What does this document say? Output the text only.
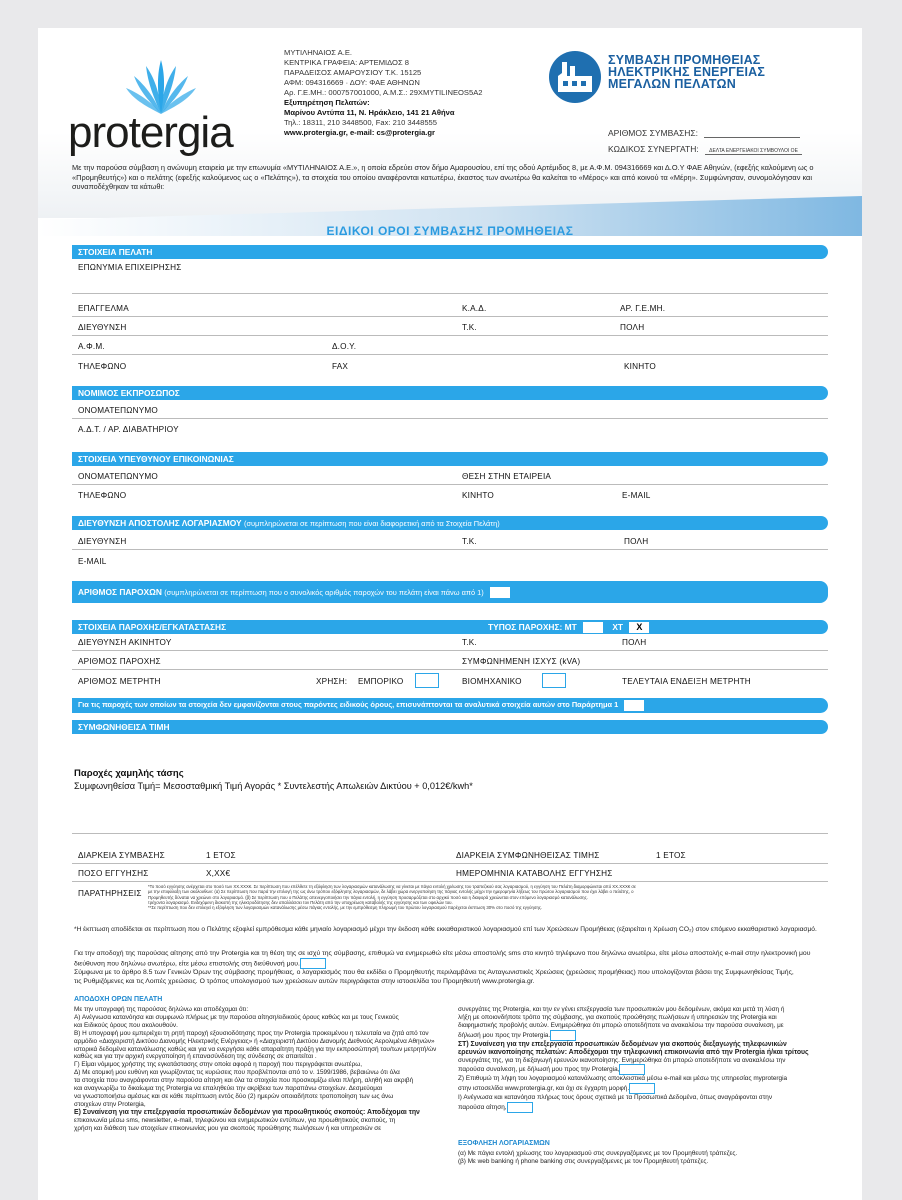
protergia
ΜΥΤΙΛΗΝΑΙΟΣ Α.Ε.
ΚΕΝΤΡΙΚΑ ΓΡΑΦΕΙΑ: ΑΡΤΕΜΙΔΟΣ 8
ΠΑΡΑΔΕΙΣΟΣ ΑΜΑΡΟΥΣΙΟΥ Τ.Κ. 15125
ΑΦΜ: 094316669 · ΔΟΥ: ΦΑΕ ΑΘΗΝΩΝ
Αρ. Γ.Ε.ΜΗ.: 000757001000, Α.Μ.Σ.: 29ΧΜΥΤΙLΙΝΕΟS5Α2
Εξυπηρέτηση Πελατών:
Μαρίνου Αντύπα 11, Ν. Ηράκλειο, 141 21 Αθήνα
Τηλ.: 18311, 210 3448500, Fax: 210 3448555
www.protergia.gr, e-mail: cs@protergia.gr
ΣΥΜΒΑΣΗ ΠΡΟΜΗΘΕΙΑΣ
ΗΛΕΚΤΡΙΚΗΣ ΕΝΕΡΓΕΙΑΣ
ΜΕΓΑΛΩΝ ΠΕΛΑΤΩΝ
ΑΡΙΘΜΟΣ ΣΥΜΒΑΣΗΣ:
ΚΩΔΙΚΟΣ ΣΥΝΕΡΓΑΤΗ: ΔΕΛΤΑ ΕΝΕΡΓΕΙΑΚΟΙ ΣΥΜΒΟΥΛΟΙ ΟΕ
Με την παρούσα σύμβαση η ανώνυμη εταιρεία με την επωνυμία «ΜΥΤΙΛΗΝΑΙΟΣ Α.Ε.», η οποία εδρεύει στον δήμο Αμαρουσίου, επί της οδού Αρτέμιδος 8, με Α.Φ.Μ. 094316669 και Δ.Ο.Υ ΦΑΕ Αθηνών, (εφεξής καλούμενη ως ο «Προμηθευτής») και ο πελάτης (εφεξής καλούμενος ως ο «Πελάτης»), τα στοιχεία του οποίου αναφέρονται κατωτέρω, έκαστος των ανωτέρω θα καλείται το «Μέρος» και από κοινού τα «Μέρη». Συμφώνησαν, συνομολόγησαν και συναποδέχθηκαν τα κάτωθι:
ΕΙΔΙΚΟΙ ΟΡΟΙ ΣΥΜΒΑΣΗΣ ΠΡΟΜΗΘΕΙΑΣ
ΣΤΟΙΧΕΙΑ ΠΕΛΑΤΗ
ΕΠΩΝΥΜΙΑ ΕΠΙΧΕΙΡΗΣΗΣ
ΕΠΑΓΓΕΛΜΑ	Κ.Α.Δ.	ΑΡ. Γ.Ε.ΜΗ.
ΔΙΕΥΘΥΝΣΗ	Τ.Κ.	ΠΟΛΗ
Α.Φ.Μ.	Δ.Ο.Υ.
ΤΗΛΕΦΩΝΟ	FAX	ΚΙΝΗΤΟ
ΝΟΜΙΜΟΣ ΕΚΠΡΟΣΩΠΟΣ
ΟΝΟΜΑΤΕΠΩΝΥΜΟ
Α.Δ.Τ. / ΑΡ. ΔΙΑΒΑΤΗΡΙΟΥ
ΣΤΟΙΧΕΙΑ ΥΠΕΥΘΥΝΟΥ ΕΠΙΚΟΙΝΩΝΙΑΣ
ΟΝΟΜΑΤΕΠΩΝΥΜΟ	ΘΕΣΗ ΣΤΗΝ ΕΤΑΙΡΕΙΑ
ΤΗΛΕΦΩΝΟ	ΚΙΝΗΤΟ	E-MAIL
ΔΙΕΥΘΥΝΣΗ ΑΠΟΣΤΟΛΗΣ ΛΟΓΑΡΙΑΣΜΟΥ (συμπληρώνεται σε περίπτωση που είναι διαφορετική από τα Στοιχεία Πελάτη)
ΔΙΕΥΘΥΝΣΗ	Τ.Κ.	ΠΟΛΗ
E-MAIL
ΑΡΙΘΜΟΣ ΠΑΡΟΧΩΝ (συμπληρώνεται σε περίπτωση που ο συνολικός αριθμός παροχών του πελάτη είναι πάνω από 1)
ΣΤΟΙΧΕΙΑ ΠΑΡΟΧΗΣ/ΕΓΚΑΤΑΣΤΑΣΗΣ	ΤΥΠΟΣ ΠΑΡΟΧΗΣ: ΜΤ	ΧΤ X
ΔΙΕΥΘΥΝΣΗ ΑΚΙΝΗΤΟΥ	Τ.Κ.	ΠΟΛΗ
ΑΡΙΘΜΟΣ ΠΑΡΟΧΗΣ	ΣΥΜΦΩΝΗΜΕΝΗ ΙΣΧΥΣ (kVA)
ΑΡΙΘΜΟΣ ΜΕΤΡΗΤΗ	ΧΡΗΣΗ: ΕΜΠΟΡΙΚΟ	ΒΙΟΜΗΧΑΝΙΚΟ	ΤΕΛΕΥΤΑΙΑ ΕΝΔΕΙΞΗ ΜΕΤΡΗΤΗ
Για τις παροχές των οποίων τα στοιχεία δεν εμφανίζονται στους παρόντες ειδικούς όρους, επισυνάπτονται τα αναλυτικά στοιχεία αυτών στο Παράρτημα 1
ΣΥΜΦΩΝΗΘΕΙΣΑ ΤΙΜΗ
Παροχές χαμηλής τάσης
Συμφωνηθείσα Τιμή= Μεσοσταθμική Τιμή Αγοράς * Συντελεστής Απωλειών Δικτύου + 0,012€/kwh*
ΔΙΑΡΚΕΙΑ ΣΥΜΒΑΣΗΣ	1 ΕΤΟΣ	ΔΙΑΡΚΕΙΑ ΣΥΜΦΩΝΗΘΕΙΣΑΣ ΤΙΜΗΣ	1 ΕΤΟΣ
ΠΟΣΟ ΕΓΓΥΗΣΗΣ	X,XX€	ΗΜΕΡΟΜΗΝΙΑ ΚΑΤΑΒΟΛΗΣ ΕΓΓΥΗΣΗΣ
ΠΑΡΑΤΗΡΗΣΕΙΣ
*Το ποσό εγγύησης ανέρχεται στο ποσό των XX.XXX€. Σε περίπτωση που επέλθετε τη εξόφληση των λογαριασμών κατανάλωσης να γίνεται με πάγια εντολή χρέωσης του τραπεζικού σας λογαριασμού, η εγγύηση του Πελάτη διαμορφώνεται από XX.XXX€ σε
με την επιφύλαξη των ακόλουθων: (α) Σε περίπτωση που παρά την επιλογή της ως άνω τρόπου εξόφλησης λογαριασμών, δε λάβει χώρα ενεργοποίηση της πάγιας εντολής μέχρι την ημερομηνία λήξεως του πρώτου λογαριασμού που έχει λάβει ο πελάτης, ο
Προμηθευτής δύναται να χρεώνει στο λογαριασμό. (β) Σε περίπτωση που ο Πελάτης απενεργοποιήσει την πάγια εντολή, η εγγύηση προσαρμόζεται στο αρχικό ποσό και η διαφορά χρεώνεται στον επόμενο λογαριασμό κατανάλωσης.
τρέχοντα λογαριασμό. Ενδεχόμενη διακοπή της ηλεκτροδότησης δεν απαλλάσσει τον Πελάτη από την υποχρέωση καταβολής της εγγύησης και των οφειλών του.
**Σε περίπτωση που δεν επιλεγεί η εξόφληση των λογαριασμών κατανάλωσης μέσω πάγιας εντολής, με την εμπρόθεσμη πληρωμή του πρώτου λογαριασμού παρέχεται έκπτωση 30% στο ποσό της εγγύησης.
*Η έκπτωση αποδίδεται σε περίπτωση που ο Πελάτης εξοφλεί εμπρόθεσμα κάθε μηνιαίο λογαριασμό μέχρι την έκδοση κάθε εκκαθαριστικού λογαριασμού επί των Χρεώσεων Προμήθειας (εξαιρείται η Χρέωση CO₂) στον επόμενο εκκαθαριστικό λογαριασμό.
Για την αποδοχή της παρούσας αίτησης από την Protergia και τη θέση της σε ισχύ της σύμβασης, επιθυμώ να ενημερωθώ είτε μέσω αποστολής sms στο κινητό τηλέφωνο που δηλώνω ανωτέρω, είτε μέσω αποστολής e-mail στην ηλεκτρονική μου
διεύθυνση που δηλώνω ανωτέρω, είτε μέσω επιστολής στη διεύθυνσή μου.
Σύμφωνα με το άρθρο 8.5 των Γενικών Όρων της σύμβασης προμήθειας, ο λογαριασμός που θα εκδίδει ο Προμηθευτής περιλαμβάνει τις Ανταγωνιστικές Χρεώσεις (χρεώσεις προμήθειας) που υπολογίζονται βάσει της Συμφωνηθείσας Τιμής,
τις Ρυθμιζόμενες και τις Λοιπές χρεώσεις. Ο τρόπος υπολογισμού των χρεώσεων αυτών περιγράφεται στην ιστοσελίδα του Προμηθευτή www.protergia.gr.
ΑΠΟΔΟΧΗ ΟΡΩΝ ΠΕΛΑΤΗ
Με την υπογραφή της παρούσας δηλώνω και αποδέχομαι ότι:
Α) Ανέγνωσα κατανόησα και συμφωνώ πλήρως με την παρούσα αίτηση/ειδικούς όρους καθώς και με τους Γενικούς
και Ειδικούς όρους που ακολουθούν.
Β) Η υπογραφή μου εμπεριέχει τη ρητή παροχή εξουσιοδότησης προς την Protergia προκειμένου η τελευταία να ζητά από τον
αρμόδιο «Διαχειριστή Δικτύου Διανομής Ηλεκτρικής Ενέργειας» ή «Διαχειριστή Δικτύου Διανομής Διεθνούς Αερολιμένα Αθηνών»
ιστορικά δεδομένα κατανάλωσης καθώς και για να ενεργήσει κάθε απαραίτητη πράξη για την εκπροσώπησή του/των μετρητή/ών
καθώς και για την αρχική ενεργοποίηση ή επανασύνδεση της σύνδεσης σε απαιτείται .
Γ) Είμαι νόμιμος χρήστης της εγκατάστασης στην οποία αφορά η παροχή που περιγράφεται ανωτέρω,
Δ) Με ατομική μου ευθύνη και γνωρίζοντας τις κυρώσεις που προβλέπονται από το ν. 1599/1986, βεβαιώνω ότι όλα
τα στοιχεία που αναγράφονται στην παρούσα αίτηση και όλα τα στοιχεία που προσκομίζω είναι πλήρη, αληθή και ακριβή
και αναγνωρίζω το δικαίωμα της Protergia να επαληθεύει την ακρίβεια των παραπάνω στοιχείων. Δεσμεύομαι
να γνωστοποιήσω αμέσως και σε κάθε περίπτωση εντός δύο (2) ημερών οποιαδήποτε τροποποίηση των ως άνω
στοιχείων στην Protergia,
Ε) Συναίνεση για την επεξεργασία προσωπικών δεδομένων για προωθητικούς σκοπούς: Αποδέχομαι την
επικοινωνία μέσω sms, newsletter, e-mail, τηλεφώνου και ενημερωτικών εντύπων, για προωθητικούς σκοπούς, τη
χρήση και διάθεση των στοιχείων επικοινωνίας μου για σκοπούς προώθησης πωλήσεων ή και υπηρεσιών σε
συνεργάτες της Protergia, και την εν γένει επεξεργασία των προσωπικών μου δεδομένων, ακόμα και μετά τη λύση ή
λήξη με οποιονδήποτε τρόπο της σύμβασης, για σκοπούς προώθησης πωλήσεων ή υπηρεσιών της Protergia και
διαφημιστικής προβολής αυτών. Ενημερώθηκα ότι μπορώ οποτεδήποτε να ανακαλέσω την παρούσα συναίνεση, με
δήλωσή μου προς την Protergia.
ΣΤ) Συναίνεση για την επεξεργασία προσωπικών δεδομένων για σκοπούς διεξαγωγής τηλεφωνικών
ερευνών ικανοποίησης πελατών: Αποδέχομαι την τηλεφωνική επικοινωνία από την Protergia ή/και τρίτους
συνεργάτες της, για τη διεξαγωγή ερευνών ικανοποίησης. Ενημερώθηκα ότι μπορώ οποτεδήποτε να ανακαλέσω την
παρούσα συναίνεση, με δήλωσή μου προς την Protergia,
Ζ) Επιθυμώ τη λήψη του λογαριασμού κατανάλωσης αποκλειστικά μέσω e-mail και μέσω της υπηρεσίας myprotergia
στην ιστοσελίδα www.protergia.gr, και όχι σε έγχαρτη μορφή.
Ι) Ανέγνωσα και κατανόησα πλήρως τους όρους σχετικά με τα Προσωπικά Δεδομένα, όπως αναγράφονται στην
παρούσα αίτηση,
ΕΞΟΦΛΗΣΗ ΛΟΓΑΡΙΑΣΜΩΝ
(α) Με πάγια εντολή χρέωσης του λογαριασμού στις συνεργαζόμενες με τον Προμηθευτή τράπεζες.
(β) Με web banking ή phone banking στις συνεργαζόμενες με τον Προμηθευτή τράπεζες.
